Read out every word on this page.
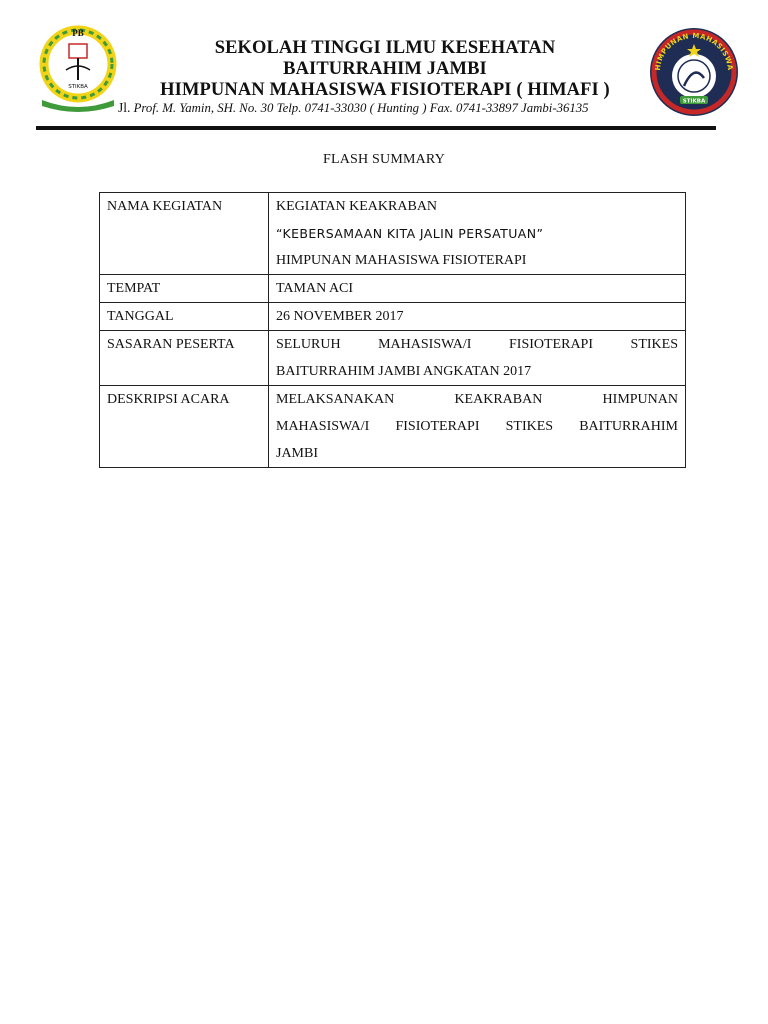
PB
STIKBA
SEKOLAH TINGGI ILMU KESEHATAN
BAITURRAHIM JAMBI
HIMPUNAN MAHASISWA FISIOTERAPI ( HIMAFI )
Jl. Prof. M. Yamin, SH. No. 30 Telp. 0741-33030 ( Hunting ) Fax. 0741-33897 Jambi-36135
HIMPUNAN MAHASISWA
STIKBA
FLASH SUMMARY
NAMA KEGIATAN	KEGIATAN KEAKRABAN
“KEBERSAMAAN KITA JALIN PERSATUAN”
HIMPUNAN MAHASISWA FISIOTERAPI

TEMPAT	TAMAN ACI
TANGGAL	26 NOVEMBER 2017
SASARAN PESERTA	SELURUH MAHASISWA/I FISIOTERAPI STIKES
BAITURRAHIM JAMBI ANGKATAN 2017

DESKRIPSI ACARA	MELAKSANAKAN KEAKRABAN HIMPUNAN
MAHASISWA/I FISIOTERAPI STIKES BAITURRAHIM
JAMBI
